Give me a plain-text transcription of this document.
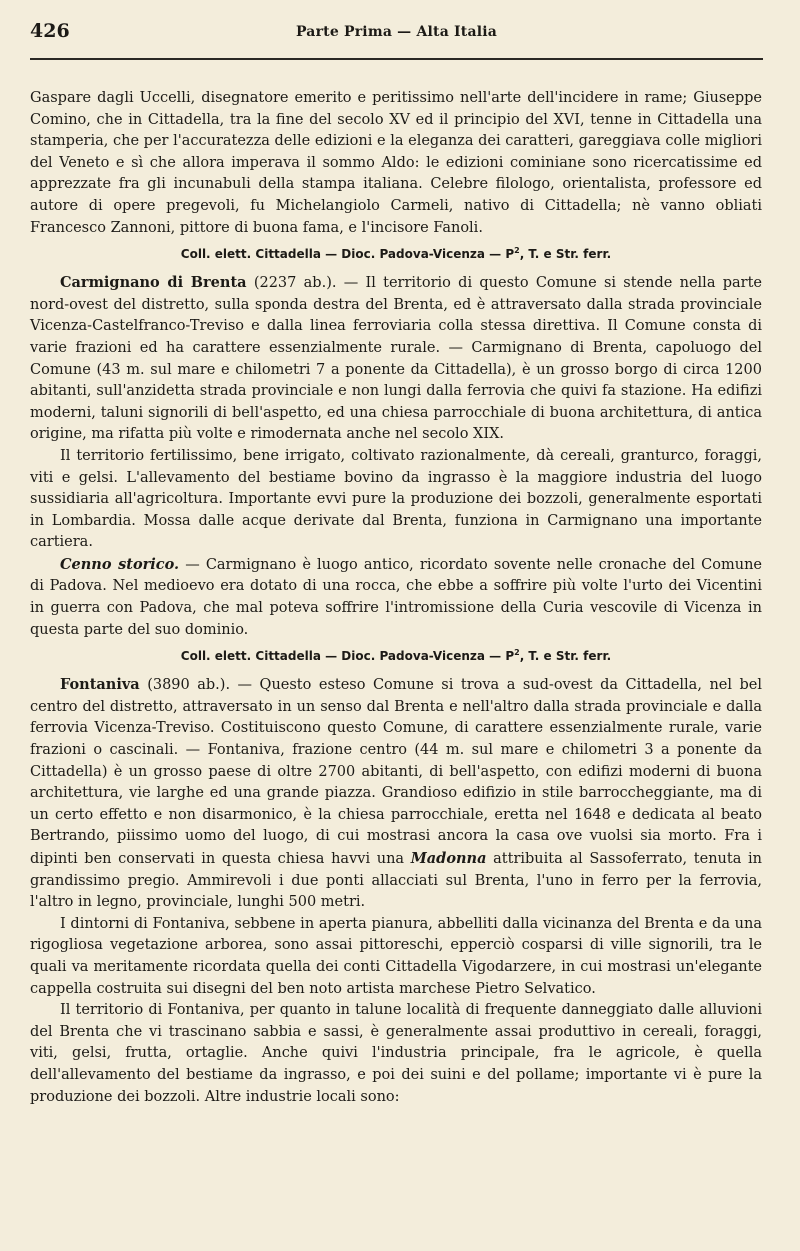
426	Parte Prima — Alta Italia

Gaspare dagli Uccelli, disegnatore emerito e peritissimo nell'arte dell'incidere in rame; Giuseppe Comino, che in Cittadella, tra la fine del secolo XV ed il principio del XVI, tenne in Cittadella una stamperia, che per l'accuratezza delle edizioni e la eleganza dei caratteri, gareggiava colle migliori del Veneto e sì che allora imperava il sommo Aldo: le edizioni cominiane sono ricercatissime ed apprezzate fra gli incunabuli della stampa italiana. Celebre filologo, orientalista, professore ed autore di opere pregevoli, fu Michelangiolo Carmeli, nativo di Cittadella; nè vanno obliati Francesco Zannoni, pittore di buona fama, e l'incisore Fanoli.

Coll. elett. Cittadella — Dioc. Padova-Vicenza — $P^2$, T. e Str. ferr.

Carmignano di Brenta (2237 ab.). — Il territorio di questo Comune si stende nella parte nord-ovest del distretto, sulla sponda destra del Brenta, ed è attraversato dalla strada provinciale Vicenza-Castelfranco-Treviso e dalla linea ferroviaria colla stessa direttiva. Il Comune consta di varie frazioni ed ha carattere essenzialmente rurale. — Carmignano di Brenta, capoluogo del Comune (43 m. sul mare e chilometri 7 a ponente da Cittadella), è un grosso borgo di circa 1200 abitanti, sull'anzidetta strada provinciale e non lungi dalla ferrovia che quivi fa stazione. Ha edifizi moderni, taluni signorili di bell'aspetto, ed una chiesa parrocchiale di buona architettura, di antica origine, ma rifatta più volte e rimodernata anche nel secolo XIX.

Il territorio fertilissimo, bene irrigato, coltivato razionalmente, dà cereali, granturco, foraggi, viti e gelsi. L'allevamento del bestiame bovino da ingrasso è la maggiore industria del luogo sussidiaria all'agricoltura. Importante evvi pure la produzione dei bozzoli, generalmente esportati in Lombardia. Mossa dalle acque derivate dal Brenta, funziona in Carmignano una importante cartiera.

Cenno storico. — Carmignano è luogo antico, ricordato sovente nelle cronache del Comune di Padova. Nel medioevo era dotato di una rocca, che ebbe a soffrire più volte l'urto dei Vicentini in guerra con Padova, che mal poteva soffrire l'intromissione della Curia vescovile di Vicenza in questa parte del suo dominio.

Coll. elett. Cittadella — Dioc. Padova-Vicenza — $P^2$, T. e Str. ferr.

Fontaniva (3890 ab.). — Questo esteso Comune si trova a sud-ovest da Cittadella, nel bel centro del distretto, attraversato in un senso dal Brenta e nell'altro dalla strada provinciale e dalla ferrovia Vicenza-Treviso. Costituiscono questo Comune, di carattere essenzialmente rurale, varie frazioni o cascinali. — Fontaniva, frazione centro (44 m. sul mare e chilometri 3 a ponente da Cittadella) è un grosso paese di oltre 2700 abitanti, di bell'aspetto, con edifizi moderni di buona architettura, vie larghe ed una grande piazza. Grandioso edifizio in stile barroccheggiante, ma di un certo effetto e non disarmonico, è la chiesa parrocchiale, eretta nel 1648 e dedicata al beato Bertrando, piissimo uomo del luogo, di cui mostrasi ancora la casa ove vuolsi sia morto. Fra i dipinti ben conservati in questa chiesa havvi una Madonna attribuita al Sassoferrato, tenuta in grandissimo pregio. Ammirevoli i due ponti allacciati sul Brenta, l'uno in ferro per la ferrovia, l'altro in legno, provinciale, lunghi 500 metri.

I dintorni di Fontaniva, sebbene in aperta pianura, abbelliti dalla vicinanza del Brenta e da una rigogliosa vegetazione arborea, sono assai pittoreschi, epperciò cosparsi di ville signorili, tra le quali va meritamente ricordata quella dei conti Cittadella Vigodarzere, in cui mostrasi un'elegante cappella costruita sui disegni del ben noto artista marchese Pietro Selvatico.

Il territorio di Fontaniva, per quanto in talune località di frequente danneggiato dalle alluvioni del Brenta che vi trascinano sabbia e sassi, è generalmente assai produttivo in cereali, foraggi, viti, gelsi, frutta, ortaglie. Anche quivi l'industria principale, fra le agricole, è quella dell'allevamento del bestiame da ingrasso, e poi dei suini e del pollame; importante vi è pure la produzione dei bozzoli. Altre industrie locali sono:
